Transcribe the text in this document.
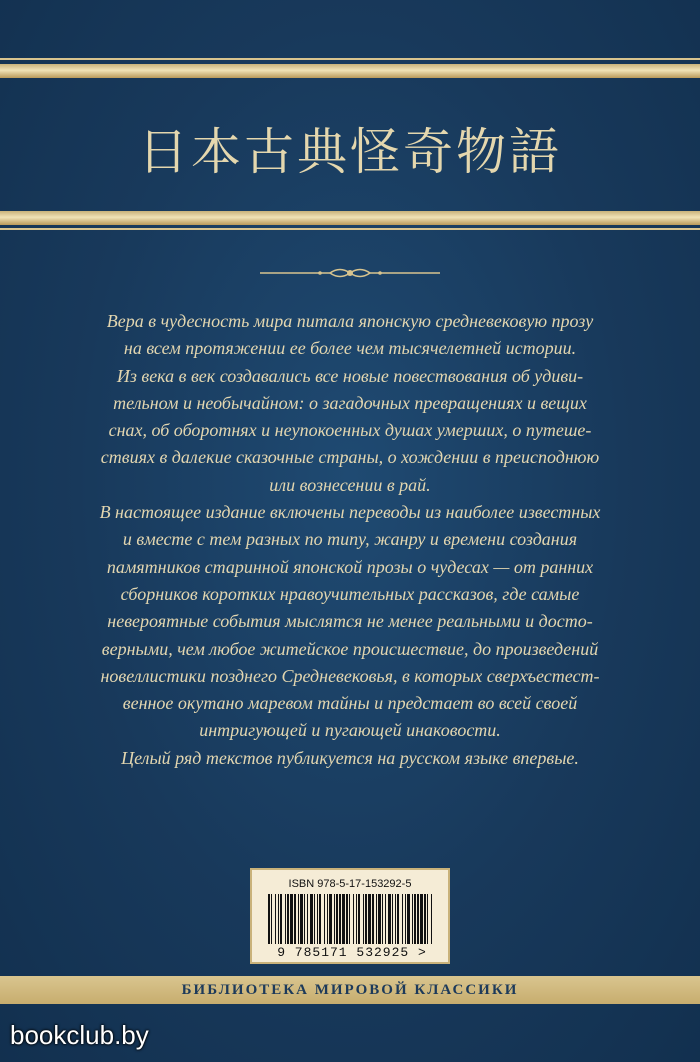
日本古典怪奇物語

Вера в чудесность мира питала японскую средневековую прозу

на всем протяжении ее более чем тысячелетней истории.

Из века в век создавались все новые повествования об удиви-

тельном и необычайном: о загадочных превращениях и вещих

снах, об оборотнях и неупокоенных душах умерших, о путеше-

ствиях в далекие сказочные страны, о хождении в преисподнюю

или вознесении в рай.

В настоящее издание включены переводы из наиболее известных

и вместе с тем разных по типу, жанру и времени создания

памятников старинной японской прозы о чудесах — от ранних

сборников коротких нравоучительных рассказов, где самые

невероятные события мыслятся не менее реальными и досто-

верными, чем любое житейское происшествие, до произведений

новеллистики позднего Средневековья, в которых сверхъестест-

венное окутано маревом тайны и предстает во всей своей

интригующей и пугающей инаковости.

Целый ряд текстов публикуется на русском языке впервые.

ISBN 978-5-17-153292-5
9 785171 532925 >
БИБЛИОТЕКА МИРОВОЙ КЛАССИКИ
bookclub.by
